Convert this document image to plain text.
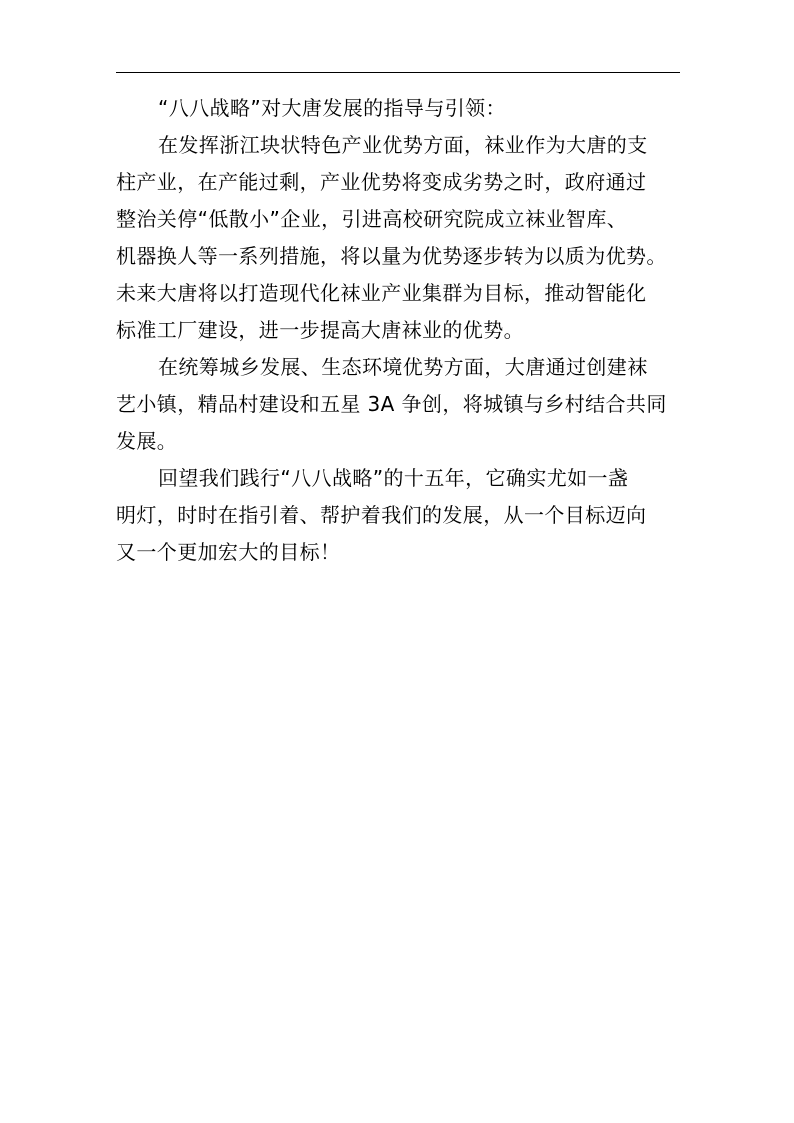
“八八战略”对大唐发展的指导与引领：
在发挥浙江块状特色产业优势方面，袜业作为大唐的支
柱产业，在产能过剩，产业优势将变成劣势之时，政府通过
整治关停“低散小”企业，引进高校研究院成立袜业智库、
机器换人等一系列措施，将以量为优势逐步转为以质为优势。
未来大唐将以打造现代化袜业产业集群为目标，推动智能化
标准工厂建设，进一步提高大唐袜业的优势。
在统筹城乡发展、生态环境优势方面，大唐通过创建袜
艺小镇，精品村建设和五星 3A 争创，将城镇与乡村结合共同
发展。
回望我们践行“八八战略”的十五年，它确实尤如一盏
明灯，时时在指引着、帮护着我们的发展，从一个目标迈向
又一个更加宏大的目标！
